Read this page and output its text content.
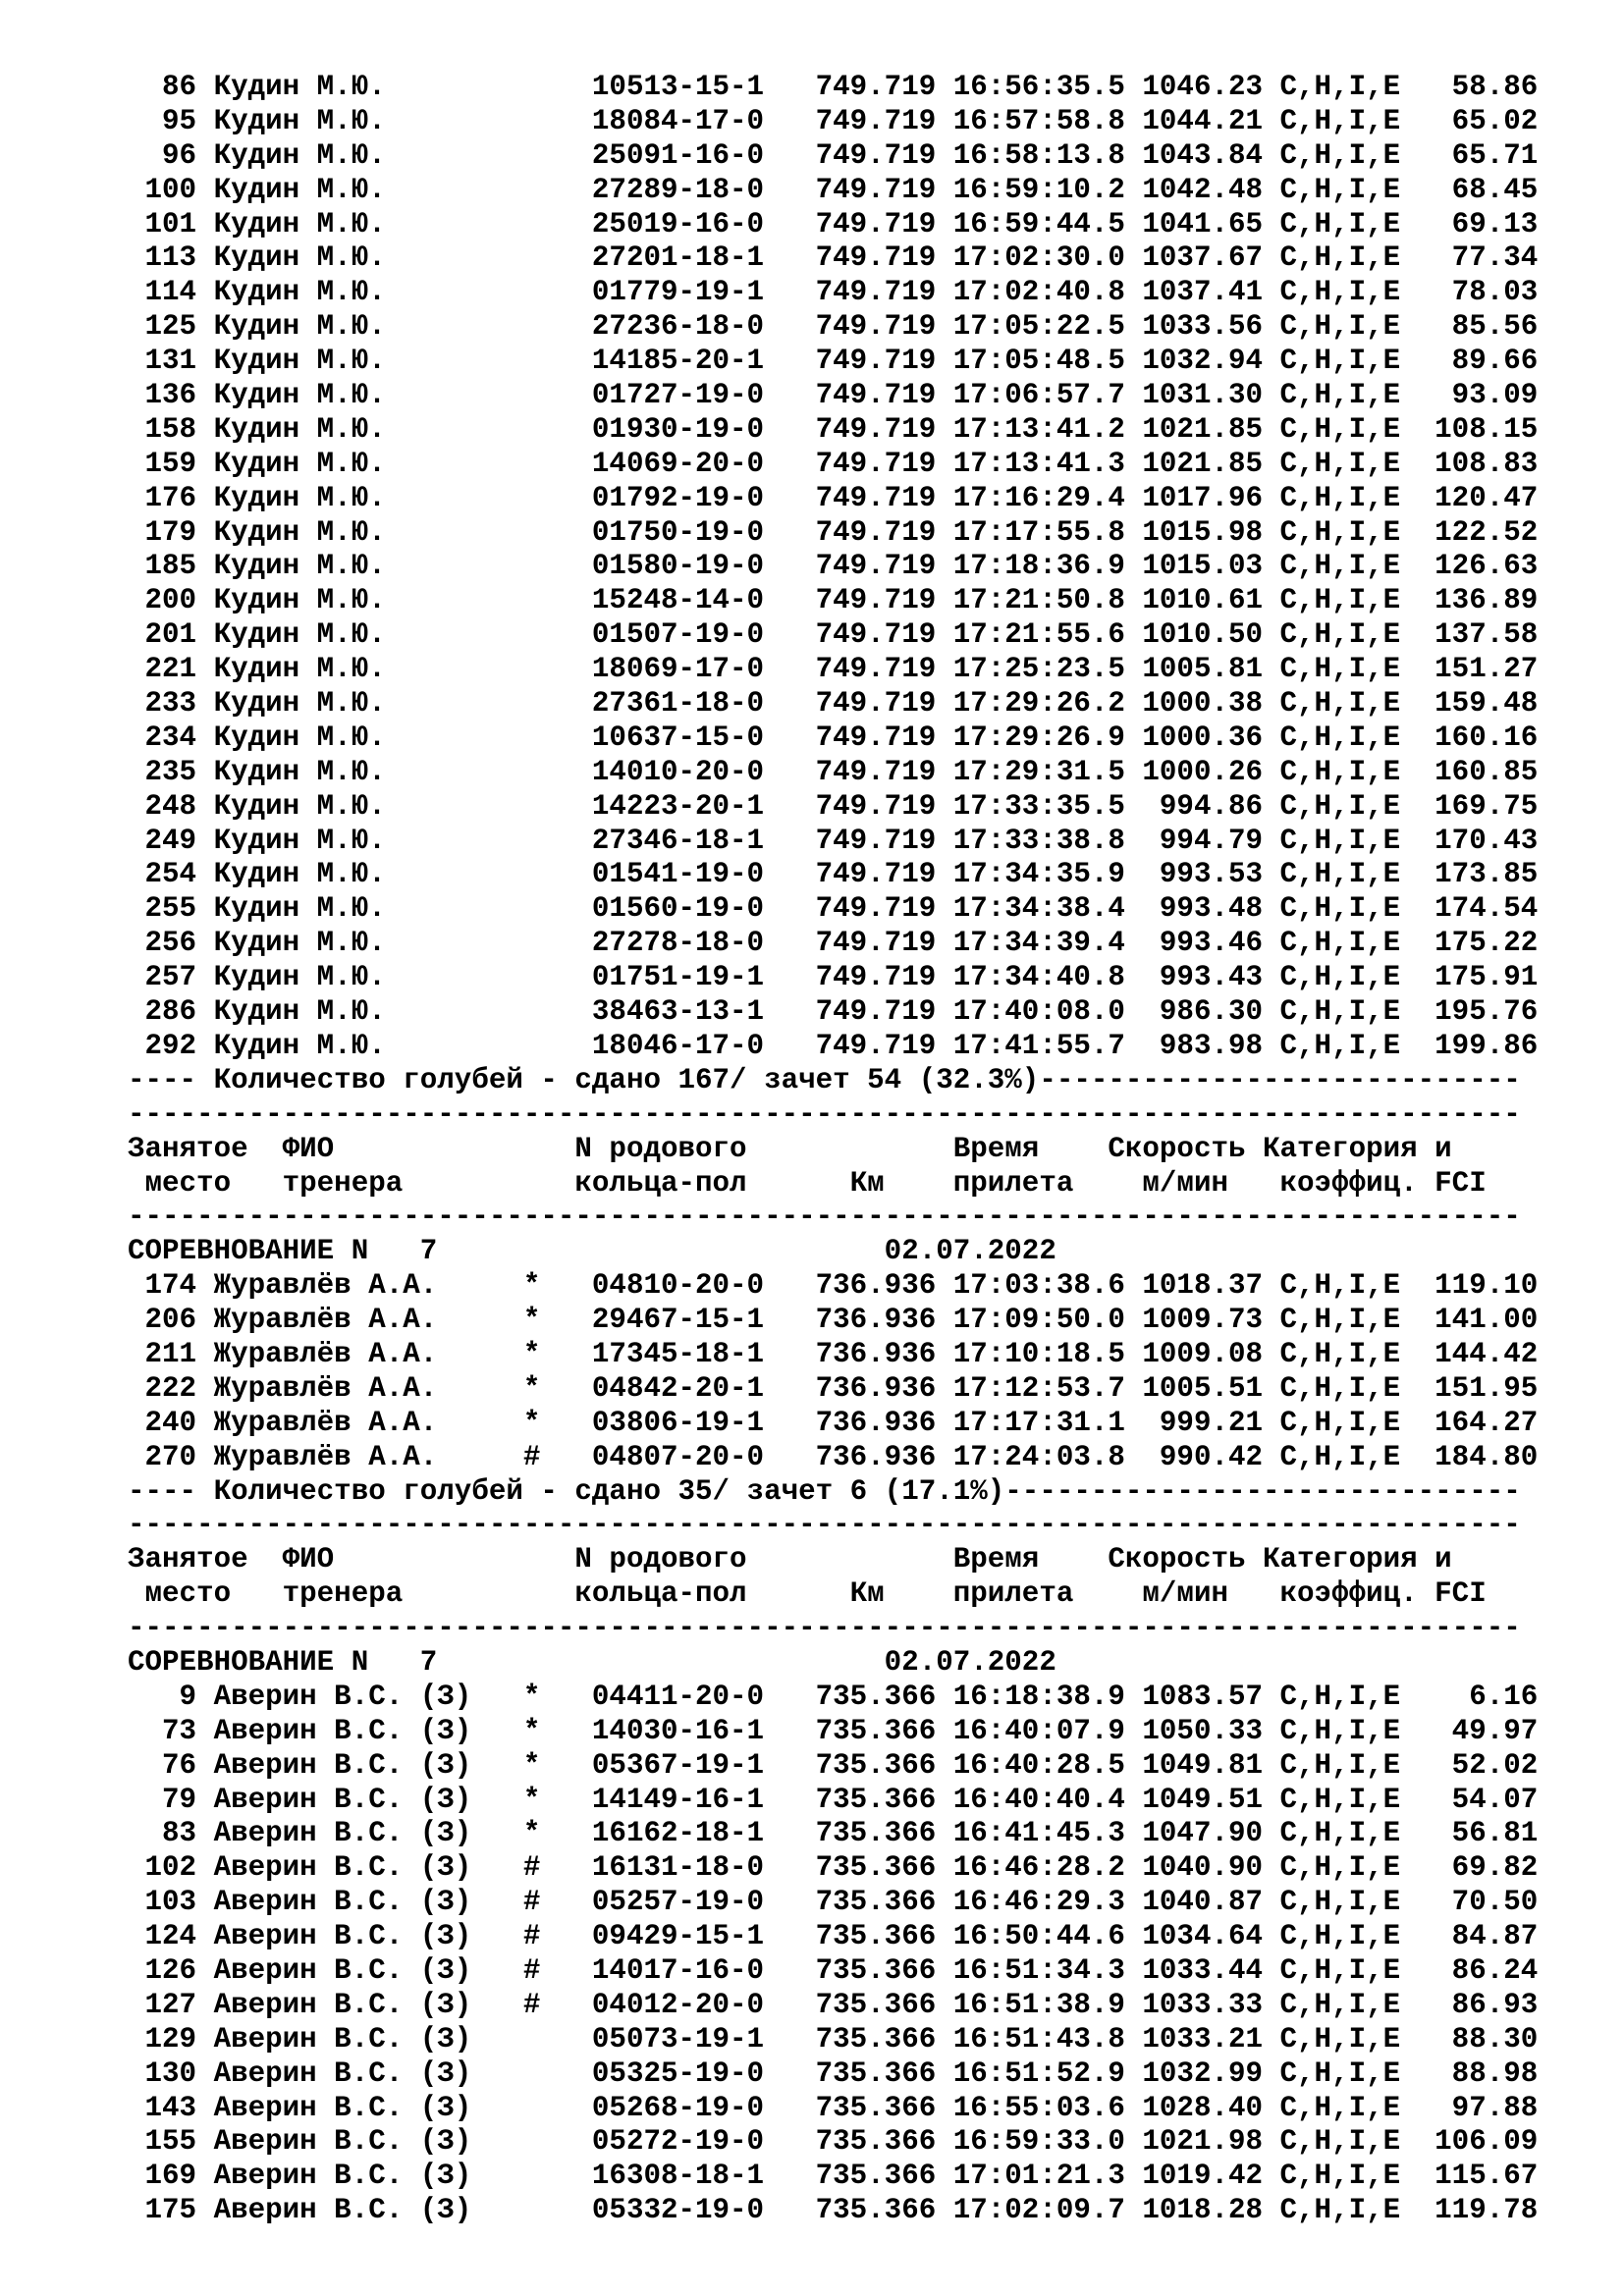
86 Кудин М.Ю.            10513-15-1   749.719 16:56:35.5 1046.23 C,H,I,E   58.86
95 Кудин М.Ю.            18084-17-0   749.719 16:57:58.8 1044.21 C,H,I,E   65.02
96 Кудин М.Ю.            25091-16-0   749.719 16:58:13.8 1043.84 C,H,I,E   65.71
100 Кудин М.Ю.            27289-18-0   749.719 16:59:10.2 1042.48 C,H,I,E   68.45
101 Кудин М.Ю.            25019-16-0   749.719 16:59:44.5 1041.65 C,H,I,E   69.13
113 Кудин М.Ю.            27201-18-1   749.719 17:02:30.0 1037.67 C,H,I,E   77.34
114 Кудин М.Ю.            01779-19-1   749.719 17:02:40.8 1037.41 C,H,I,E   78.03
125 Кудин М.Ю.            27236-18-0   749.719 17:05:22.5 1033.56 C,H,I,E   85.56
131 Кудин М.Ю.            14185-20-1   749.719 17:05:48.5 1032.94 C,H,I,E   89.66
136 Кудин М.Ю.            01727-19-0   749.719 17:06:57.7 1031.30 C,H,I,E   93.09
158 Кудин М.Ю.            01930-19-0   749.719 17:13:41.2 1021.85 C,H,I,E  108.15
159 Кудин М.Ю.            14069-20-0   749.719 17:13:41.3 1021.85 C,H,I,E  108.83
176 Кудин М.Ю.            01792-19-0   749.719 17:16:29.4 1017.96 C,H,I,E  120.47
179 Кудин М.Ю.            01750-19-0   749.719 17:17:55.8 1015.98 C,H,I,E  122.52
185 Кудин М.Ю.            01580-19-0   749.719 17:18:36.9 1015.03 C,H,I,E  126.63
200 Кудин М.Ю.            15248-14-0   749.719 17:21:50.8 1010.61 C,H,I,E  136.89
201 Кудин М.Ю.            01507-19-0   749.719 17:21:55.6 1010.50 C,H,I,E  137.58
221 Кудин М.Ю.            18069-17-0   749.719 17:25:23.5 1005.81 C,H,I,E  151.27
233 Кудин М.Ю.            27361-18-0   749.719 17:29:26.2 1000.38 C,H,I,E  159.48
234 Кудин М.Ю.            10637-15-0   749.719 17:29:26.9 1000.36 C,H,I,E  160.16
235 Кудин М.Ю.            14010-20-0   749.719 17:29:31.5 1000.26 C,H,I,E  160.85
248 Кудин М.Ю.            14223-20-1   749.719 17:33:35.5  994.86 C,H,I,E  169.75
249 Кудин М.Ю.            27346-18-1   749.719 17:33:38.8  994.79 C,H,I,E  170.43
254 Кудин М.Ю.            01541-19-0   749.719 17:34:35.9  993.53 C,H,I,E  173.85
255 Кудин М.Ю.            01560-19-0   749.719 17:34:38.4  993.48 C,H,I,E  174.54
256 Кудин М.Ю.            27278-18-0   749.719 17:34:39.4  993.46 C,H,I,E  175.22
257 Кудин М.Ю.            01751-19-1   749.719 17:34:40.8  993.43 C,H,I,E  175.91
286 Кудин М.Ю.            38463-13-1   749.719 17:40:08.0  986.30 C,H,I,E  195.76
292 Кудин М.Ю.            18046-17-0   749.719 17:41:55.7  983.98 C,H,I,E  199.86
---- Количество голубей - сдано 167/ зачет 54 (32.3%)----------------------------
---------------------------------------------------------------------------------
Занятое  ФИО              N родового            Время    Скорость Категория и
место   тренера          кольца-пол      Км    прилета    м/мин   коэффиц. FCI
---------------------------------------------------------------------------------
СОРЕВНОВАНИЕ N   7                          02.07.2022
174 Журавлёв А.А.     *   04810-20-0   736.936 17:03:38.6 1018.37 C,H,I,E  119.10
206 Журавлёв А.А.     *   29467-15-1   736.936 17:09:50.0 1009.73 C,H,I,E  141.00
211 Журавлёв А.А.     *   17345-18-1   736.936 17:10:18.5 1009.08 C,H,I,E  144.42
222 Журавлёв А.А.     *   04842-20-1   736.936 17:12:53.7 1005.51 C,H,I,E  151.95
240 Журавлёв А.А.     *   03806-19-1   736.936 17:17:31.1  999.21 C,H,I,E  164.27
270 Журавлёв А.А.     #   04807-20-0   736.936 17:24:03.8  990.42 C,H,I,E  184.80
---- Количество голубей - сдано 35/ зачет 6 (17.1%)------------------------------
---------------------------------------------------------------------------------
Занятое  ФИО              N родового            Время    Скорость Категория и
место   тренера          кольца-пол      Км    прилета    м/мин   коэффиц. FCI
---------------------------------------------------------------------------------
СОРЕВНОВАНИЕ N   7                          02.07.2022
9 Аверин В.С. (З)   *   04411-20-0   735.366 16:18:38.9 1083.57 C,H,I,E    6.16
73 Аверин В.С. (З)   *   14030-16-1   735.366 16:40:07.9 1050.33 C,H,I,E   49.97
76 Аверин В.С. (З)   *   05367-19-1   735.366 16:40:28.5 1049.81 C,H,I,E   52.02
79 Аверин В.С. (З)   *   14149-16-1   735.366 16:40:40.4 1049.51 C,H,I,E   54.07
83 Аверин В.С. (З)   *   16162-18-1   735.366 16:41:45.3 1047.90 C,H,I,E   56.81
102 Аверин В.С. (З)   #   16131-18-0   735.366 16:46:28.2 1040.90 C,H,I,E   69.82
103 Аверин В.С. (З)   #   05257-19-0   735.366 16:46:29.3 1040.87 C,H,I,E   70.50
124 Аверин В.С. (З)   #   09429-15-1   735.366 16:50:44.6 1034.64 C,H,I,E   84.87
126 Аверин В.С. (З)   #   14017-16-0   735.366 16:51:34.3 1033.44 C,H,I,E   86.24
127 Аверин В.С. (З)   #   04012-20-0   735.366 16:51:38.9 1033.33 C,H,I,E   86.93
129 Аверин В.С. (З)       05073-19-1   735.366 16:51:43.8 1033.21 C,H,I,E   88.30
130 Аверин В.С. (З)       05325-19-0   735.366 16:51:52.9 1032.99 C,H,I,E   88.98
143 Аверин В.С. (З)       05268-19-0   735.366 16:55:03.6 1028.40 C,H,I,E   97.88
155 Аверин В.С. (З)       05272-19-0   735.366 16:59:33.0 1021.98 C,H,I,E  106.09
169 Аверин В.С. (З)       16308-18-1   735.366 17:01:21.3 1019.42 C,H,I,E  115.67
175 Аверин В.С. (З)       05332-19-0   735.366 17:02:09.7 1018.28 C,H,I,E  119.78
